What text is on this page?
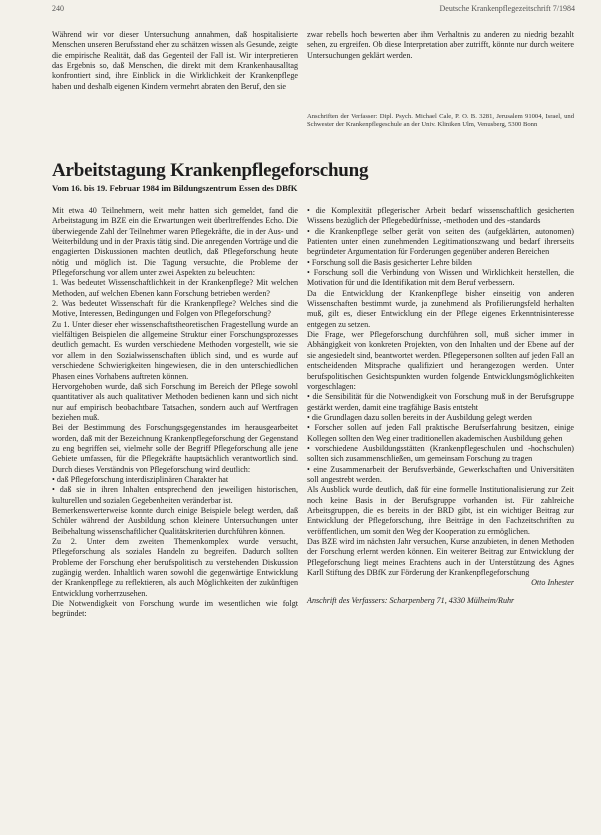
240	Deutsche Krankenpflegezeitschrift 7/1984

Während wir vor dieser Untersuchung annahmen, daß hospitalisierte Menschen unseren Berufsstand eher zu schätzen wissen als Gesunde, zeigte die empirische Realität, daß das Gegenteil der Fall ist. Wir interpretieren das Ergebnis so, daß Menschen, die direkt mit dem Krankenhausalltag konfrontiert sind, ihre Einblick in die Wirklichkeit der Krankenpflege haben und deshalb eigenen Kindern vermehrt abraten den Beruf, den sie

zwar rebells hoch bewerten aber ihm Verhaltnis zu anderen zu niedrig bezahlt sehen, zu ergreifen. Ob diese Interpretation aber zutrifft, könnte nur durch weitere Untersuchungen geklärt werden.

Anschriften der Verfasser: Dipl. Psych. Michael Cale, P. O. B. 3281, Jerusalem 91004, Israel, und Schwester der Krankenpflegeschule an der Univ. Kliniken Ulm, Venusberg, 5300 Bonn
Arbeitstagung Krankenpflegeforschung
Vom 16. bis 19. Februar 1984 im Bildungszentrum Essen des DBfK

Mit etwa 40 Teilnehmern, weit mehr hatten sich gemeldet, fand die Arbeitstagung im BZE ein die Erwartungen weit überltreffendes Echo. Die überwiegende Zahl der Teilnehmer waren Pflegekräfte, die in der Aus- und Weiterbildung und in der Praxis tätig sind. Die anregenden Vorträge und die engagierten Diskussionen machten deutlich, daß Pflegeforschung heute nötig und möglich ist. Die Tagung versuchte, die Probleme der Pflegeforschung vor allem unter zwei Aspekten zu beleuchten:

1. Was bedeutet Wissenschaftlichkeit in der Krankenpflege? Mit welchen Methoden, auf welchen Ebenen kann Forschung betrieben werden?

2. Was bedeutet Wissenschaft für die Krankenpflege? Welches sind die Motive, Interessen, Bedingungen und Folgen von Pflegeforschung?

Zu 1. Unter dieser eher wissenschaftstheoretischen Fragestellung wurde an vielfältigen Beispielen die allgemeine Struktur einer Forschungsprozesses deutlich gemacht. Es wurden verschiedene Methoden vorgestellt, wie sie vor allem in den Sozialwissenschaften üblich sind, und es wurde auf verschiedene Schwierigkeiten hingewiesen, die in den unterschiedlichen Phasen eines Vorhabens auftreten können.

Hervorgehoben wurde, daß sich Forschung im Bereich der Pflege sowohl quantitativer als auch qualitativer Methoden bedienen kann und sich nicht nur auf empirisch beobachtbare Tatsachen, sondern auch auf Wertfragen beziehen muß.

Bei der Bestimmung des Forschungsgegenstandes im herausgearbeitet worden, daß mit der Bezeichnung Krankenpflegeforschung der Gegenstand zu eng begriffen sei, vielmehr solle der Begriff Pflegeforschung alle jene Gebiete umfassen, für die Pflegekräfte hauptsächlich verantwortlich sind. Durch dieses Verständnis von Pflegeforschung wird deutlich:

• daß Pflegeforschung interdisziplinären Charakter hat

• daß sie in ihren Inhalten entsprechend den jeweiligen historischen, kulturellen und sozialen Gegebenheiten veränderbar ist.

Bemerkenswerterweise konnte durch einige Beispiele belegt werden, daß Schüler während der Ausbildung schon kleinere Untersuchungen unter Beibehaltung wissenschaftlicher Qualitätskriterien durchführen können.

Zu 2. Unter dem zweiten Themenkomplex wurde versucht, Pflegeforschung als soziales Handeln zu begreifen. Dadurch sollten Probleme der Forschung eher berufspolitisch zu verstehenden Diskussion zugängig werden. Inhaltlich waren sowohl die gegenwärtige Entwicklung der Krankenpflege zu reflektieren, als auch Möglichkeiten der zukünftigen Entwicklung vorherrzusehen.

Die Notwendigkeit von Forschung wurde im wesentlichen wie folgt begründet:

• die Komplexität pflegerischer Arbeit bedarf wissenschaftlich gesicherten Wissens bezüglich der Pflegebedürfnisse, -methoden und des -standards

• die Krankenpflege selber gerät von seiten des (aufgeklärten, autonomen) Patienten unter einen zunehmenden Legitimationszwang und bedarf ihrerseits begründeter Argumentation für Forderungen gegenüber anderen Bereichen

• Forschung soll die Basis gesicherter Lehre bilden

• Forschung soll die Verbindung von Wissen und Wirklichkeit herstellen, die Motivation für und die Identifikation mit dem Beruf verbessern.

Da die Entwicklung der Krankenpflege bisher einseitig von anderen Wissenschaften bestimmt wurde, ja zunehmend als Profilierungsfeld herhalten muß, gilt es, dieser Entwicklung ein der Pflege eigenes Erkenntnisinteresse entgegen zu setzen.

Die Frage, wer Pflegeforschung durchführen soll, muß sicher immer in Abhängigkeit von konkreten Projekten, von den Inhalten und der Ebene auf der sie angesiedelt sind, beantwortet werden. Pflegepersonen sollten auf jeden Fall an entscheidenden Mitsprache qualifiziert und herangezogen werden. Unter berufspolitischen Gesichtspunkten wurden folgende Entwicklungsmöglichkeiten vorgeschlagen:

• die Sensibilität für die Notwendigkeit von Forschung muß in der Berufsgruppe gestärkt werden, damit eine tragfähige Basis entsteht

• die Grundlagen dazu sollen bereits in der Ausbildung gelegt werden

• Forscher sollen auf jeden Fall praktische Berufserfahrung besitzen, einige Kollegen sollten den Weg einer traditionellen akademischen Ausbildung gehen

• vorschiedene Ausbildungsstätten (Krankenpflegeschulen und -hochschulen) sollten sich zusammenschließen, um gemeinsam Forschung zu tragen

• eine Zusammenarbeit der Berufsverbände, Gewerkschaften und Universitäten soll angestrebt werden.

Als Ausblick wurde deutlich, daß für eine formelle Institutionalisierung zur Zeit noch keine Basis in der Berufsgruppe vorhanden ist. Für zahlreiche Arbeitsgruppen, die es bereits in der BRD gibt, ist ein wichtiger Beitrag zur Entwicklung der Pflegeforschung, ihre Beiträge in den Fachzeitschriften zu veröffentlichen, um somit den Weg der Kooperation zu ermöglichen.

Das BZE wird im nächsten Jahr versuchen, Kurse anzubieten, in denen Methoden der Forschung erlernt werden können. Ein weiterer Beitrag zur Entwicklung der Pflegeforschung liegt meines Erachtens auch in der Unterstützung des Agnes Karll Stiftung des DBfK zur Förderung der Krankenpflegeforschung

Otto Inhester

Anschrift des Verfassers: Scharpenberg 71, 4330 Mülheim/Ruhr
